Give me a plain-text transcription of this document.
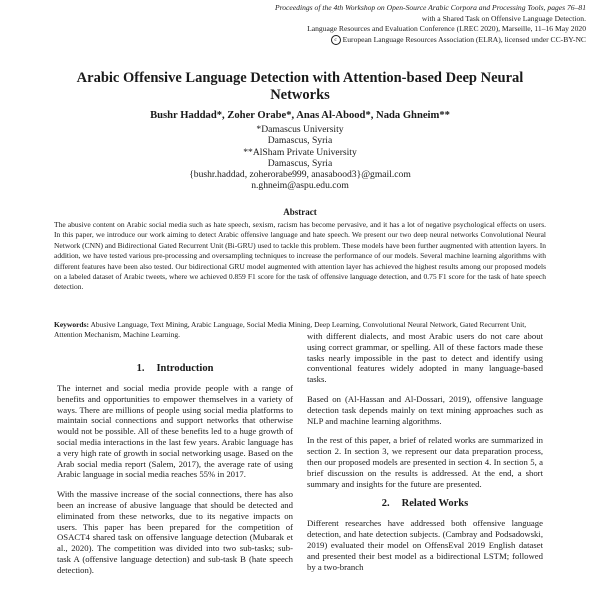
Proceedings of the 4th Workshop on Open-Source Arabic Corpora and Processing Tools, pages 76–81
with a Shared Task on Offensive Language Detection.
Language Resources and Evaluation Conference (LREC 2020), Marseille, 11–16 May 2020
c European Language Resources Association (ELRA), licensed under CC-BY-NC
Arabic Offensive Language Detection with Attention-based Deep Neural
Networks
Bushr Haddad*, Zoher Orabe*, Anas Al-Abood*, Nada Ghneim**
*Damascus University
Damascus, Syria
**AlSham Private University
Damascus, Syria
{bushr.haddad, zoherorabe999, anasabood3}@gmail.com
n.ghneim@aspu.edu.com
Abstract
The abusive content on Arabic social media such as hate speech, sexism, racism has become pervasive, and it has a lot of negative psychological effects on users. In this paper, we introduce our work aiming to detect Arabic offensive language and hate speech. We present our two deep neural networks Convolutional Neural Network (CNN) and Bidirectional Gated Recurrent Unit (Bi-GRU) used to tackle this problem. These models have been further augmented with attention layers. In addition, we have tested various pre-processing and oversampling techniques to increase the performance of our models. Several machine learning algorithms with different features have been also tested. Our bidirectional GRU model augmented with attention layer has achieved the highest results among our proposed models on a labeled dataset of Arabic tweets, where we achieved 0.859 F1 score for the task of offensive language detection, and 0.75 F1 score for the task of hate speech detection.
Keywords: Abusive Language, Text Mining, Arabic Language, Social Media Mining, Deep Learning, Convolutional Neural Network, Gated Recurrent Unit, Attention Mechanism, Machine Learning.
1. Introduction

The internet and social media provide people with a range of benefits and opportunities to empower themselves in a variety of ways. There are millions of people using social media platforms to maintain social connections and support networks that otherwise would not be possible. All of these benefits led to a huge growth of social media interactions in the last few years. Arabic language has a very high rate of growth in social networking usage. Based on the Arab social media report (Salem, 2017), the average rate of using Arabic language in social media reaches 55% in 2017.

With the massive increase of the social connections, there has also been an increase of abusive language that should be detected and eliminated from these networks, due to its negative impacts on users. This paper has been prepared for the competition of OSACT4 shared task on offensive language detection (Mubarak et al., 2020). The competition was divided into two sub-tasks; sub-task A (offensive language detection) and sub-task B (hate speech detection).

with different dialects, and most Arabic users do not care about using correct grammar, or spelling. All of these factors made these tasks nearly impossible in the past to detect and identify using conventional features widely adopted in many language-based tasks.

Based on (Al-Hassan and Al-Dossari, 2019), offensive language detection task depends mainly on text mining approaches such as NLP and machine learning algorithms.

In the rest of this paper, a brief of related works are summarized in section 2. In section 3, we represent our data preparation process, then our proposed models are presented in section 4. In section 5, a brief discussion on the results is addressed. At the end, a short summary and insights for the future are presented.

2. Related Works

Different researches have addressed both offensive language detection, and hate detection subjects. (Cambray and Podsadowski, 2019) evaluated their model on OffensEval 2019 English dataset and presented their best model as a bidirectional LSTM; followed by a two-branch
